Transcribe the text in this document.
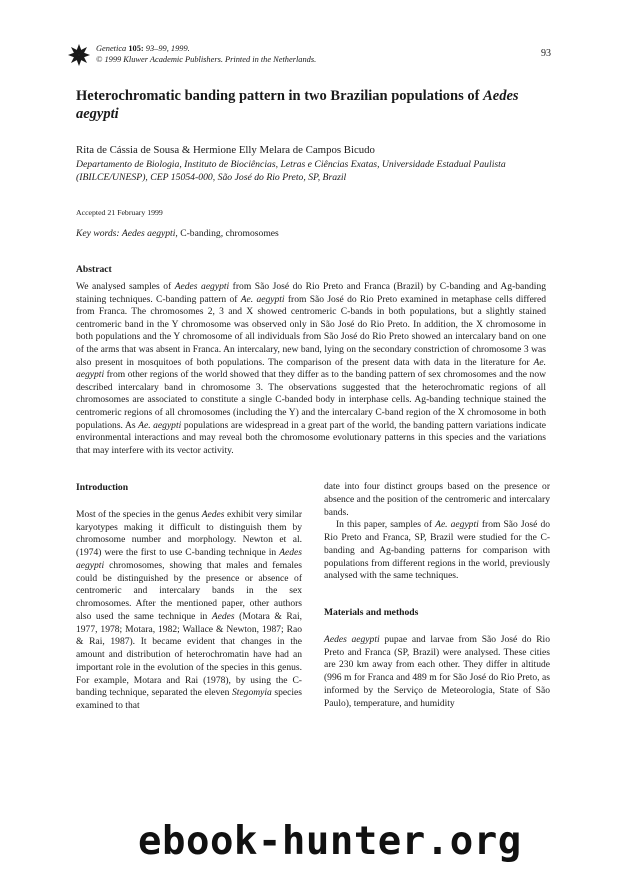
Genetica 105: 93–99, 1999.
© 1999 Kluwer Academic Publishers. Printed in the Netherlands.	93
Heterochromatic banding pattern in two Brazilian populations of Aedes aegypti
Rita de Cássia de Sousa & Hermione Elly Melara de Campos Bicudo
Departamento de Biologia, Instituto de Biociências, Letras e Ciências Exatas, Universidade Estadual Paulista
(IBILCE/UNESP), CEP 15054-000, São José do Rio Preto, SP, Brazil
Accepted 21 February 1999
Key words: Aedes aegypti, C-banding, chromosomes
Abstract

We analysed samples of Aedes aegypti from São José do Rio Preto and Franca (Brazil) by C-banding and Ag-banding staining techniques. C-banding pattern of Ae. aegypti from São José do Rio Preto examined in metaphase cells differed from Franca. The chromosomes 2, 3 and X showed centromeric C-bands in both populations, but a slightly stained centromeric band in the Y chromosome was observed only in São José do Rio Preto. In addition, the X chromosome in both populations and the Y chromosome of all individuals from São José do Rio Preto showed an intercalary band on one of the arms that was absent in Franca. An intercalary, new band, lying on the secondary constriction of chromosome 3 was also present in mosquitoes of both populations. The comparison of the present data with data in the literature for Ae. aegypti from other regions of the world showed that they differ as to the banding pattern of sex chromosomes and the now described intercalary band in chromosome 3. The observations suggested that the heterochromatic regions of all chromosomes are associated to constitute a single C-banded body in interphase cells. Ag-banding technique stained the centromeric regions of all chromosomes (including the Y) and the intercalary C-band region of the X chromosome in both populations. As Ae. aegypti populations are widespread in a great part of the world, the banding pattern variations indicate environmental interactions and may reveal both the chromosome evolutionary patterns in this species and the variations that may interfere with its vector activity.

Introduction

Most of the species in the genus Aedes exhibit very similar karyotypes making it difficult to distinguish them by chromosome number and morphology. Newton et al. (1974) were the first to use C-banding technique in Aedes aegypti chromosomes, showing that males and females could be distinguished by the presence or absence of centromeric and intercalary bands in the sex chromosomes. After the mentioned paper, other authors also used the same technique in Aedes (Motara & Rai, 1977, 1978; Motara, 1982; Wallace & Newton, 1987; Rao & Rai, 1987). It became evident that changes in the amount and distribution of heterochromatin have had an important role in the evolution of the species in this genus. For example, Motara and Rai (1978), by using the C-banding technique, separated the eleven Stegomyia species examined to that

date into four distinct groups based on the presence or absence and the position of the centromeric and intercalary bands.

In this paper, samples of Ae. aegypti from São José do Rio Preto and Franca, SP, Brazil were studied for the C-banding and Ag-banding patterns for comparison with populations from different regions in the world, previously analysed with the same techniques.

Materials and methods

Aedes aegypti pupae and larvae from São José do Rio Preto and Franca (SP, Brazil) were analysed. These cities are 230 km away from each other. They differ in altitude (996 m for Franca and 489 m for São José do Rio Preto, as informed by the Serviço de Meteorologia, State of São Paulo), temperature, and humidity

ebook-hunter.org
